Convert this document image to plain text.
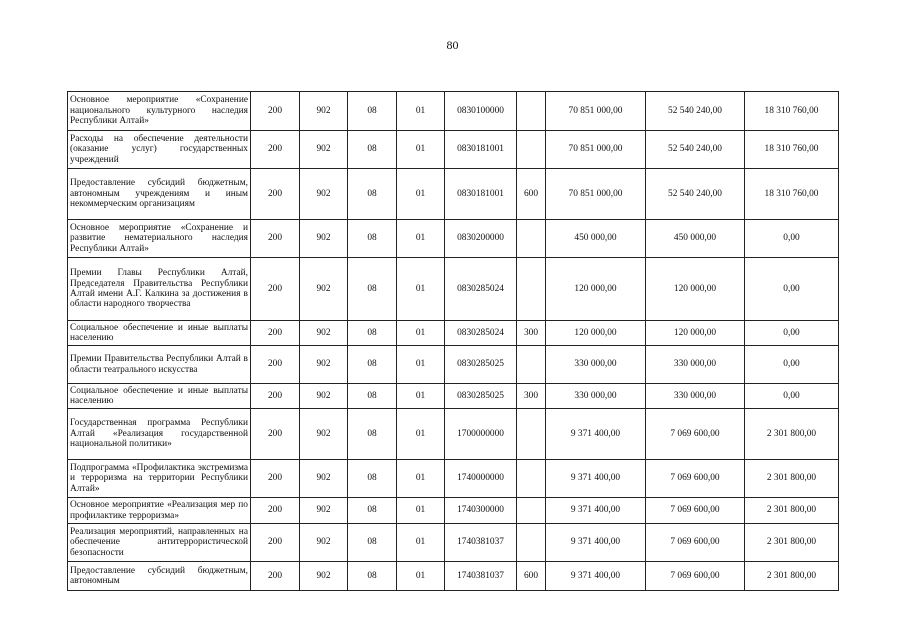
80
Основное мероприятие «Сохранение национального культурного наследия Республики Алтай»	200	902	08	01	0830100000		70 851 000,00	52 540 240,00	18 310 760,00
Расходы на обеспечение деятельности (оказание услуг) государственных учреждений	200	902	08	01	0830181001		70 851 000,00	52 540 240,00	18 310 760,00
Предоставление субсидий бюджетным, автономным учреждениям и иным некоммерческим организациям	200	902	08	01	0830181001	600	70 851 000,00	52 540 240,00	18 310 760,00
Основное мероприятие «Сохранение и развитие нематериального наследия Республики Алтай»	200	902	08	01	0830200000		450 000,00	450 000,00	0,00
Премии Главы Республики Алтай, Председателя Правительства Республики Алтай имени А.Г. Калкина за достижения в области народного творчества	200	902	08	01	0830285024		120 000,00	120 000,00	0,00
Социальное обеспечение и иные выплаты населению	200	902	08	01	0830285024	300	120 000,00	120 000,00	0,00
Премии Правительства Республики Алтай в области театрального искусства	200	902	08	01	0830285025		330 000,00	330 000,00	0,00
Социальное обеспечение и иные выплаты населению	200	902	08	01	0830285025	300	330 000,00	330 000,00	0,00
Государственная программа Республики Алтай «Реализация государственной национальной политики»	200	902	08	01	1700000000		9 371 400,00	7 069 600,00	2 301 800,00
Подпрограмма «Профилактика экстремизма и терроризма на территории Республики Алтай»	200	902	08	01	1740000000		9 371 400,00	7 069 600,00	2 301 800,00
Основное мероприятие «Реализация мер по профилактике терроризма»	200	902	08	01	1740300000		9 371 400,00	7 069 600,00	2 301 800,00
Реализация мероприятий, направленных на обеспечение антитеррористической безопасности	200	902	08	01	1740381037		9 371 400,00	7 069 600,00	2 301 800,00
Предоставление субсидий бюджетным, автономным	200	902	08	01	1740381037	600	9 371 400,00	7 069 600,00	2 301 800,00
